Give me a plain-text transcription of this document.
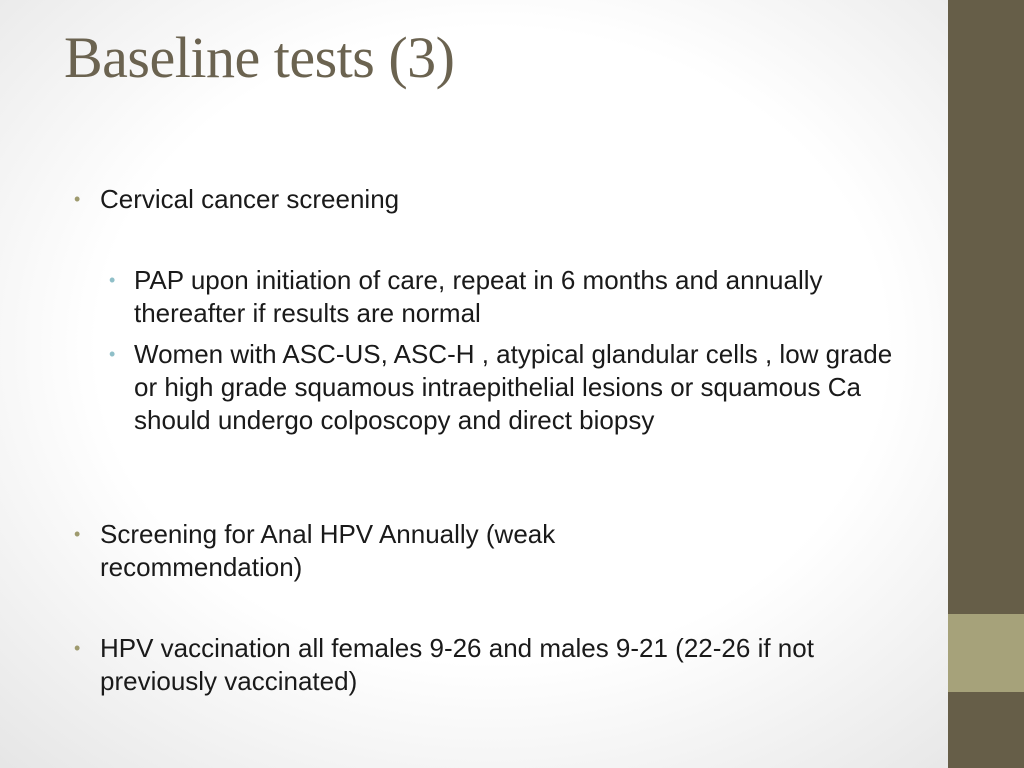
Baseline tests (3)
• Cervical cancer screening
• PAP upon initiation of care, repeat in 6 months and annually thereafter if results are normal
• Women with ASC-US, ASC-H , atypical glandular cells , low grade or high grade squamous intraepithelial lesions or squamous Ca should undergo colposcopy and direct biopsy
• Screening for Anal HPV Annually (weak recommendation)
• HPV vaccination all females 9-26 and males 9-21 (22-26 if not previously vaccinated)
